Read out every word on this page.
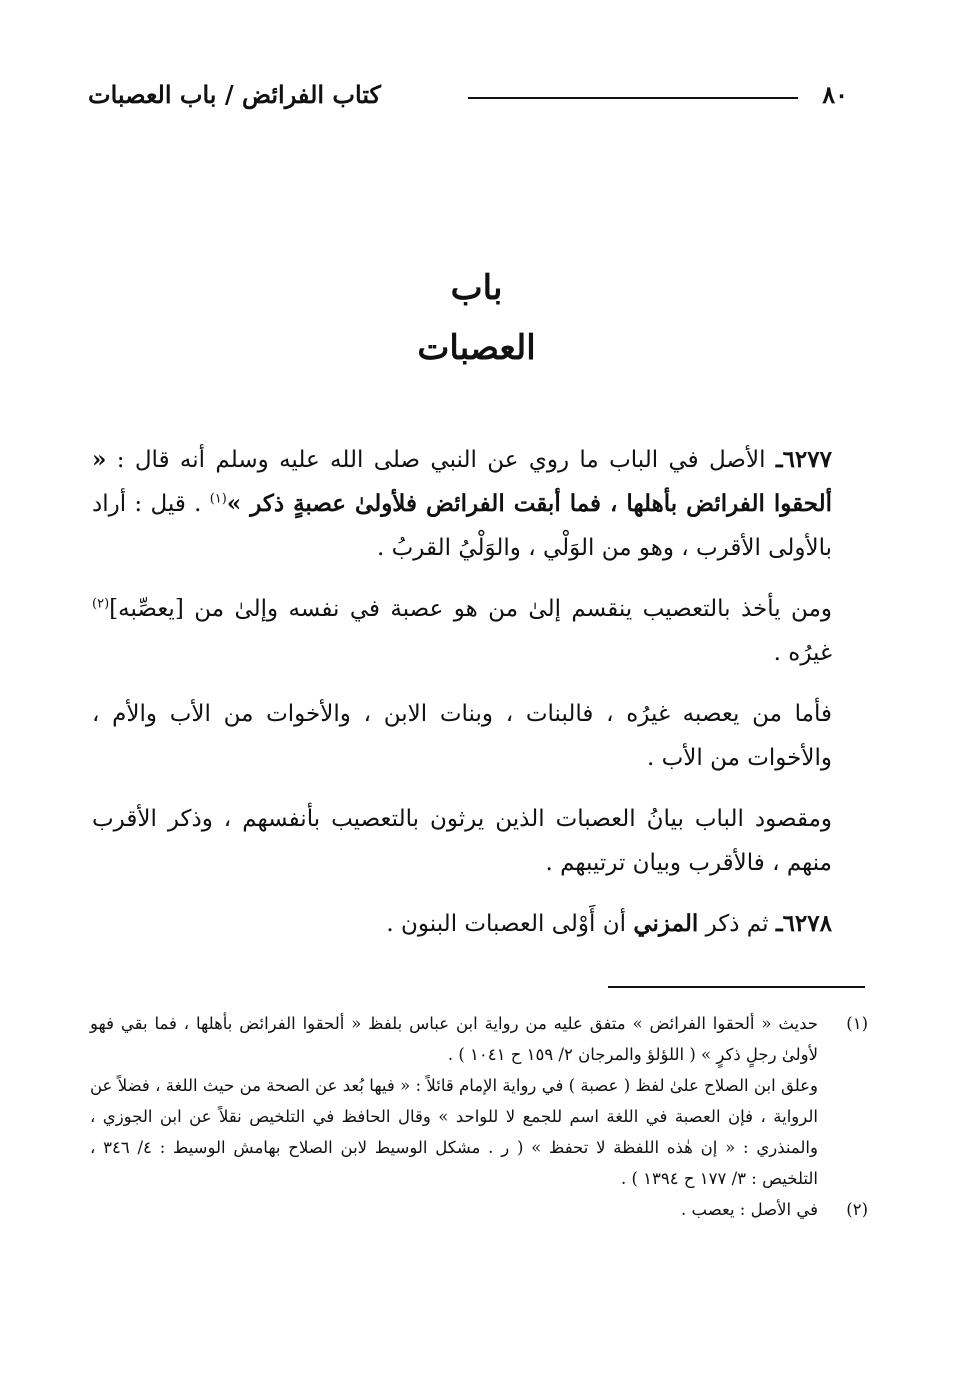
٨٠
كتاب الفرائض / باب العصبات
باب
العصبات

٦٢٧٧ـ الأصل في الباب ما روي عن النبي صلى الله عليه وسلم أنه قال : « ألحقوا الفرائض بأهلها ، فما أبقت الفرائض فلأولىٰ عصبةٍ ذكر »$^{(١)}$ . قيل : أراد بالأولى الأقرب ، وهو من الوَلْي ، والوَلْيُ القربُ .

ومن يأخذ بالتعصيب ينقسم إلىٰ من هو عصبة في نفسه وإلىٰ من [يعصِّبه]$^{(٢)}$ غيرُه .

فأما من يعصبه غيرُه ، فالبنات ، وبنات الابن ، والأخوات من الأب والأم ، والأخوات من الأب .

ومقصود الباب بيانُ العصبات الذين يرثون بالتعصيب بأنفسهم ، وذكر الأقرب منهم ، فالأقرب وبيان ترتيبهم .

٦٢٧٨ـ ثم ذكر المزني أن أَوْلى العصبات البنون .

(١)

حديث « ألحقوا الفرائض » متفق عليه من رواية ابن عباس بلفظ « ألحقوا الفرائض بأهلها ، فما بقي فهو لأولىٰ رجلٍ ذكرٍ » ( اللؤلؤ والمرجان ٢/ ١٥٩ ح ١٠٤١ ) .

وعلق ابن الصلاح علىٰ لفظ ( عصبة ) في رواية الإمام قائلاً : « فيها بُعد عن الصحة من حيث اللغة ، فضلاً عن الرواية ، فإن العصبة في اللغة اسم للجمع لا للواحد » وقال الحافظ في التلخيص نقلاً عن ابن الجوزي ، والمنذري : « إن هٰذه اللفظة لا تحفظ » ( ر . مشكل الوسيط لابن الصلاح بهامش الوسيط : ٤/ ٣٤٦ ، التلخيص : ٣/ ١٧٧ ح ١٣٩٤ ) .

(٢)

في الأصل : يعصب .
